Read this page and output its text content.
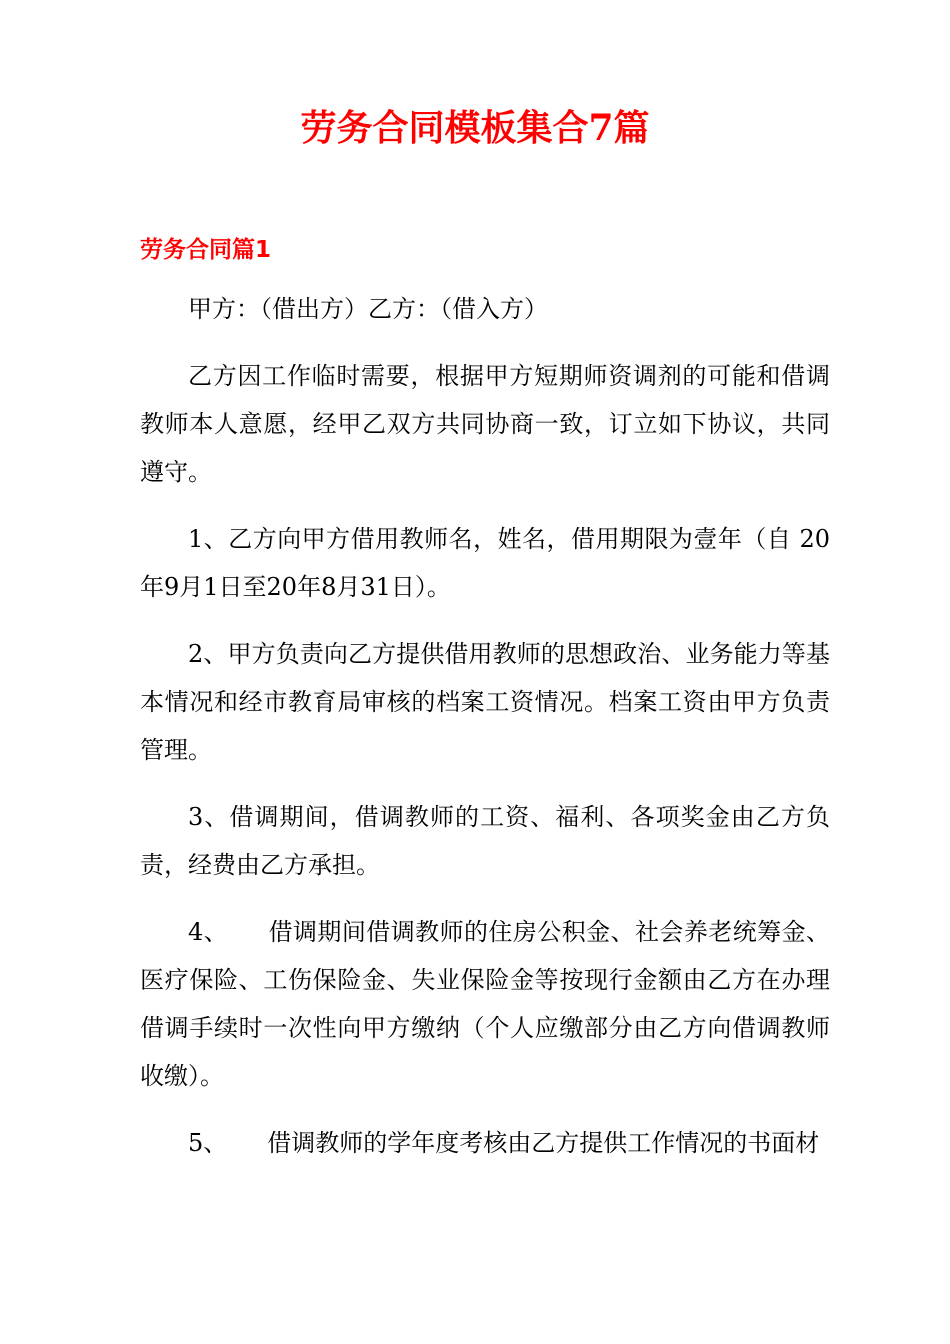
劳务合同模板集合7篇
劳务合同篇1

甲方：（借出方）乙方：（借入方）

乙方因工作临时需要，根据甲方短期师资调剂的可能和借调教师本人意愿，经甲乙双方共同协商一致，订立如下协议，共同遵守。

1、乙方向甲方借用教师名，姓名，借用期限为壹年（自 20年9月1日至20年8月31日）。

2、甲方负责向乙方提供借用教师的思想政治、业务能力等基本情况和经市教育局审核的档案工资情况。档案工资由甲方负责管理。

3、借调期间，借调教师的工资、福利、各项奖金由乙方负责，经费由乙方承担。

4、 借调期间借调教师的住房公积金、社会养老统筹金、医疗保险、工伤保险金、失业保险金等按现行金额由乙方在办理借调手续时一次性向甲方缴纳（个人应缴部分由乙方向借调教师收缴）。

5、 借调教师的学年度考核由乙方提供工作情况的书面材
